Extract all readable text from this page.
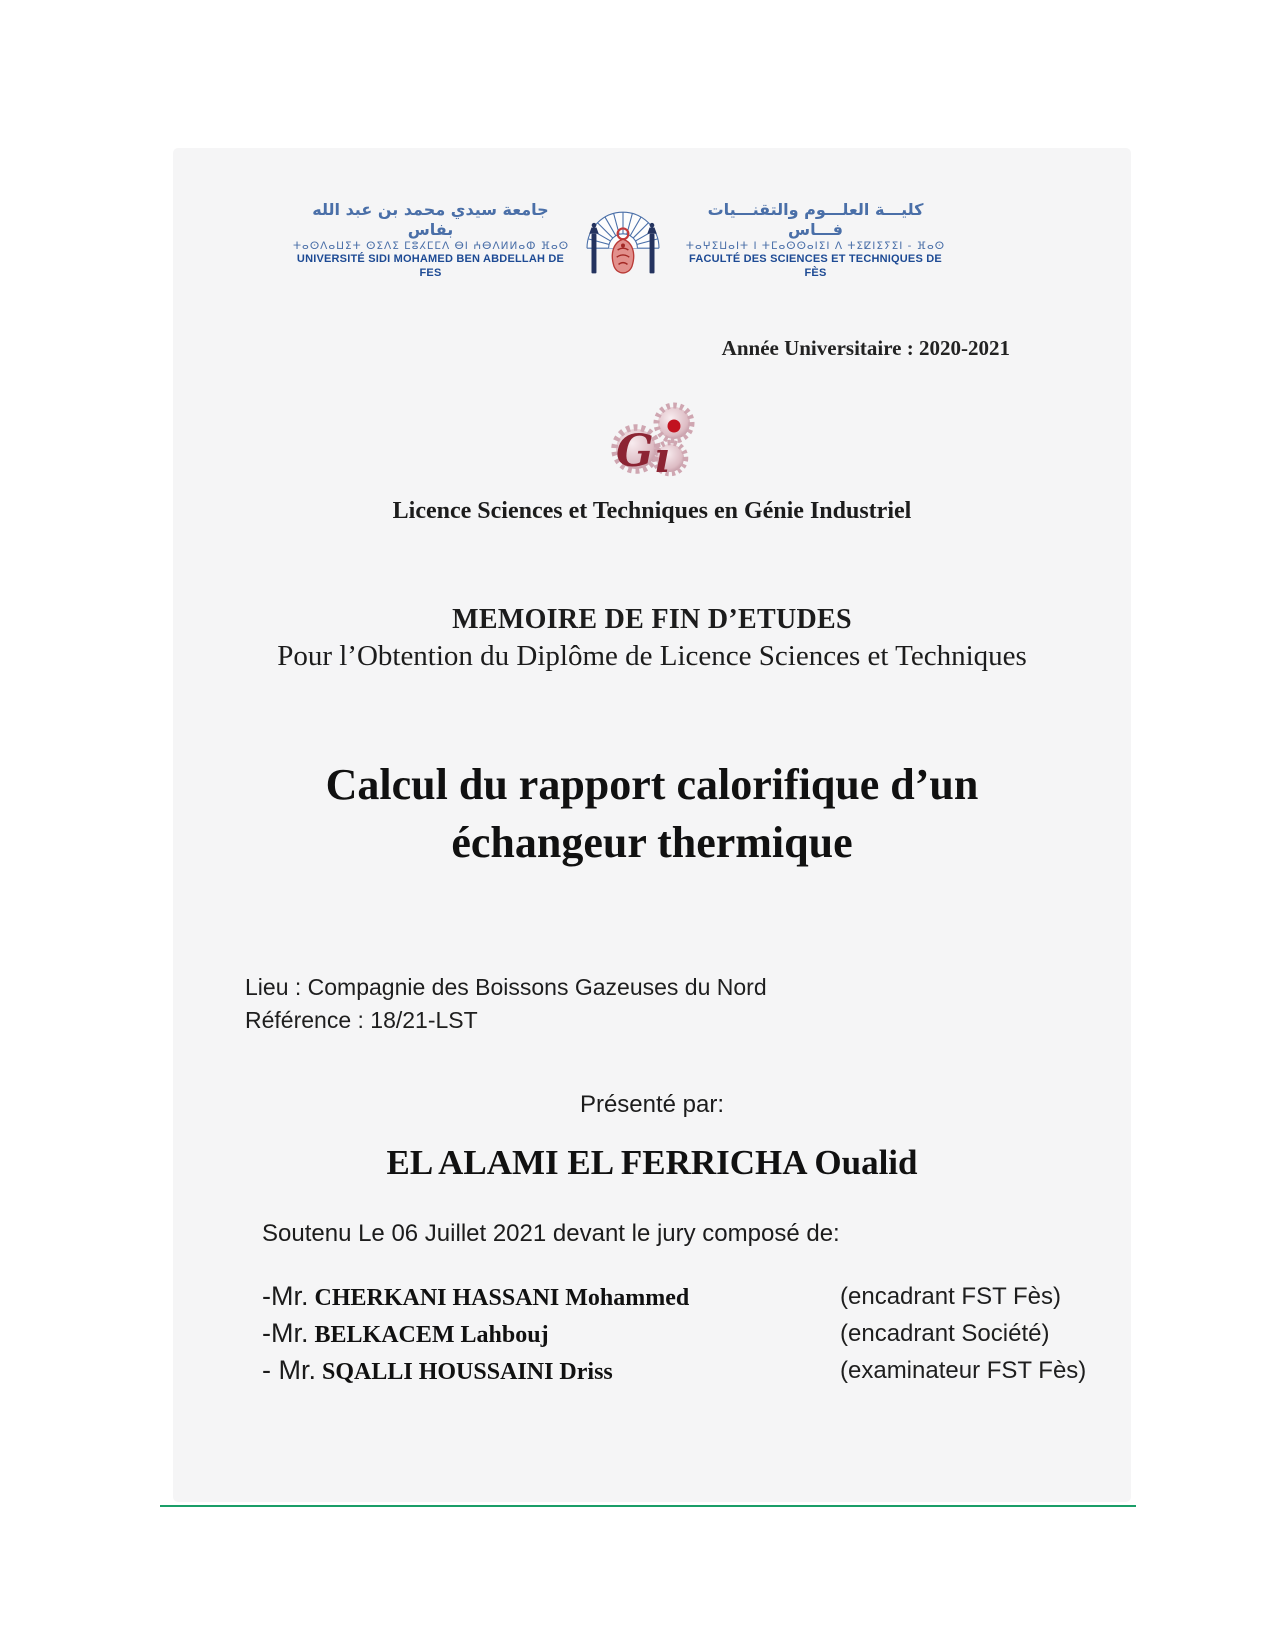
جامعة سيدي محمد بن عبد الله بفاس
ⵜⴰⵙⴷⴰⵡⵉⵜ ⵙⵉⴷⵉ ⵎⵓⵃⵎⵎⴷ ⴱⵏ ⵄⴱⴷⵍⵍⴰⵀ ⴼⴰⵙ
UNIVERSITÉ SIDI MOHAMED BEN ABDELLAH DE FES
كليـــة العلـــوم والتقنـــيات فـــاس
ⵜⴰⵖⵉⵡⴰⵏⵜ ⵏ ⵜⵎⴰⵙⵙⴰⵏⵉⵏ ⴷ ⵜⵉⵇⵏⵉⵢⵉⵏ - ⴼⴰⵙ
FACULTÉ DES SCIENCES ET TECHNIQUES DE FÈS
Année Universitaire : 2020-2021
G ı
Licence Sciences et Techniques en Génie Industriel
MEMOIRE DE FIN D’ETUDES
Pour l’Obtention du Diplôme de Licence Sciences et Techniques
Calcul du rapport calorifique d’un
échangeur thermique
Lieu : Compagnie des Boissons Gazeuses du Nord
Référence : 18/21-LST
Présenté par:
EL ALAMI EL FERRICHA Oualid
Soutenu Le 06 Juillet 2021 devant le jury composé de:
-Mr. CHERKANI HASSANI Mohammed	(encadrant FST Fès)
-Mr. BELKACEM Lahbouj	(encadrant Société)
- Mr. SQALLI HOUSSAINI Driss	(examinateur FST Fès)
